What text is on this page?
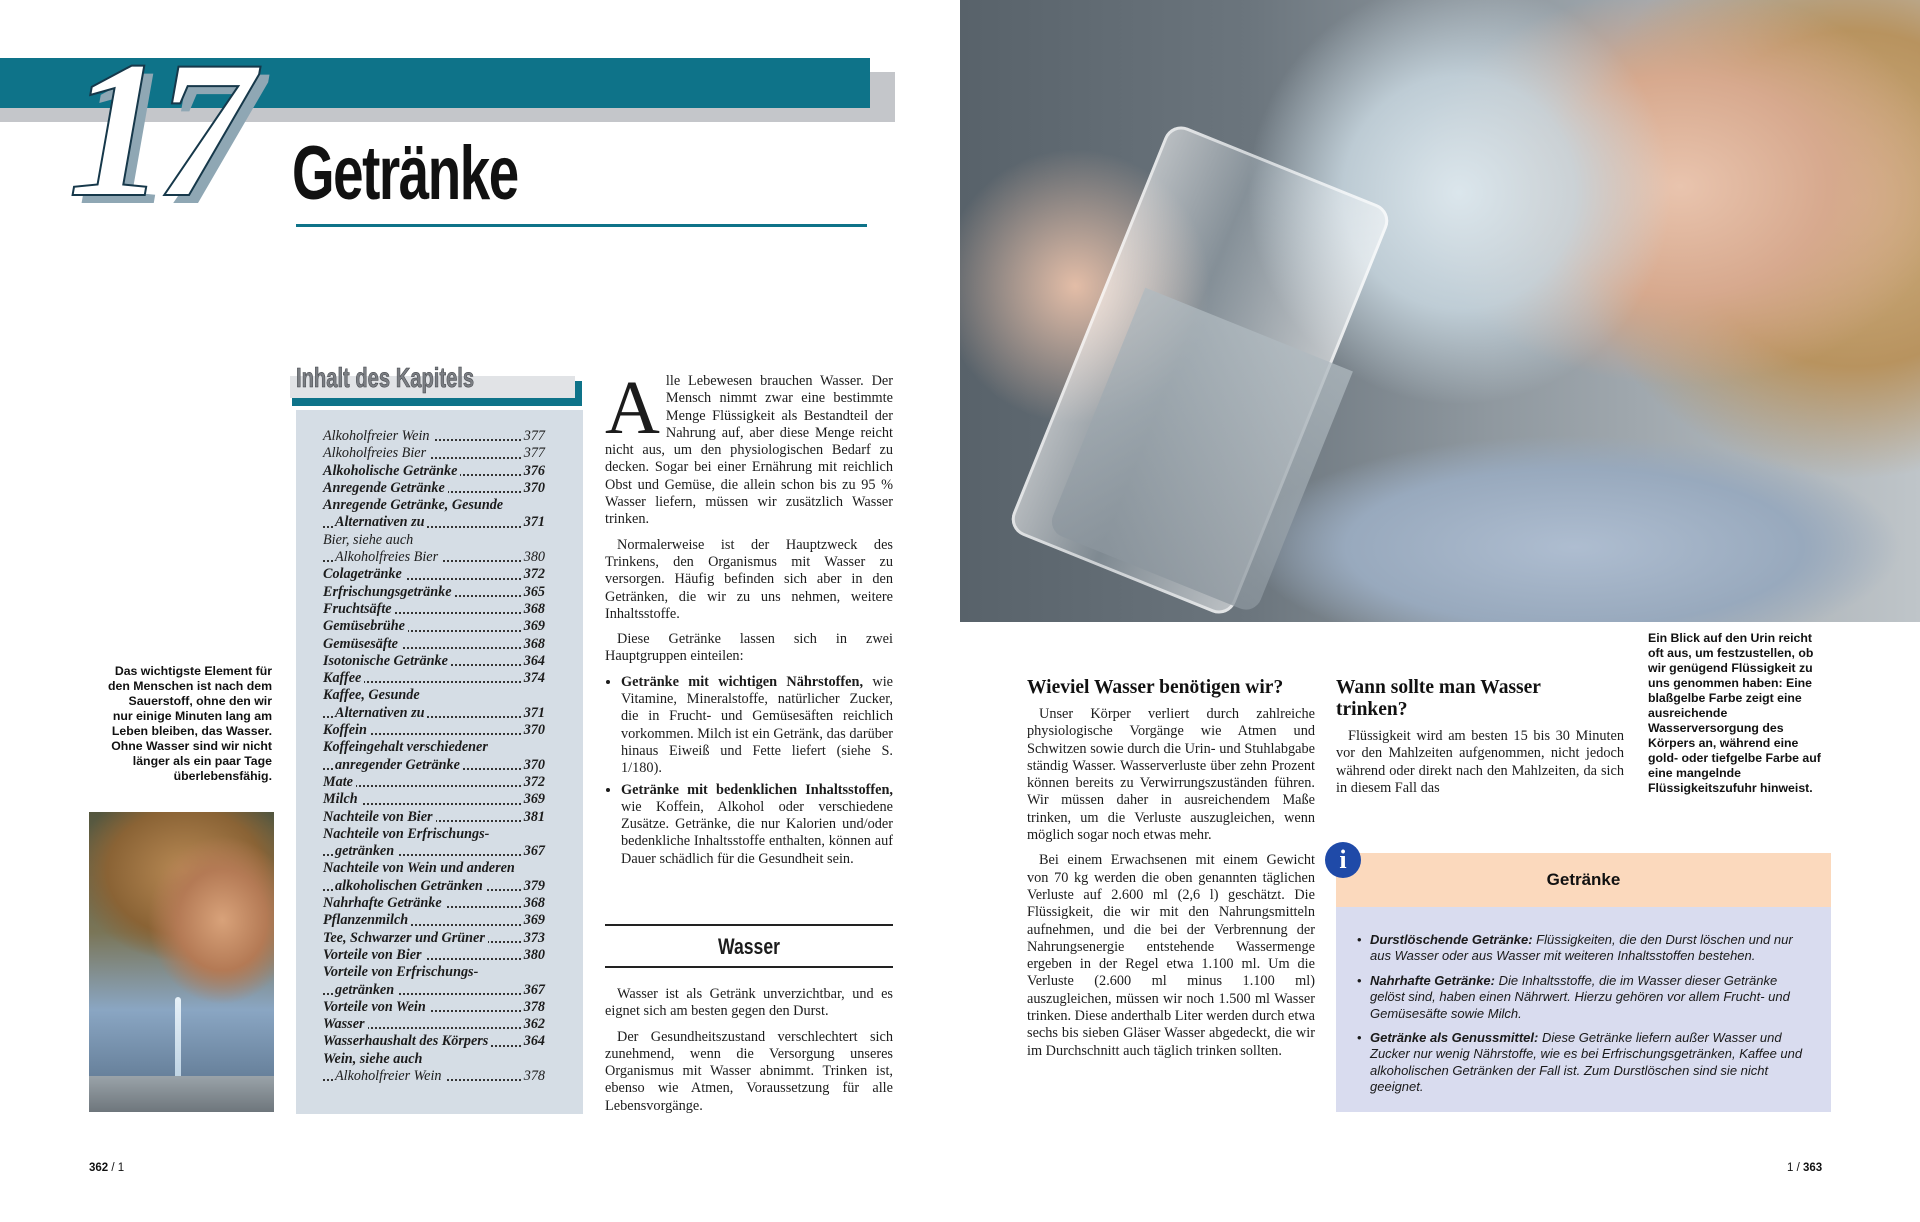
17 Getränke
Inhalt des Kapitels
Alkoholfreier Wein	377
Alkoholfreies Bier	377
Alkoholische Getränke	376
Anregende Getränke	370
Anregende Getränke, Gesunde
Alternativen zu	371
Bier, siehe auch
Alkoholfreies Bier	380
Colagetränke	372
Erfrischungsgetränke	365
Fruchtsäfte	368
Gemüsebrühe	369
Gemüsesäfte	368
Isotonische Getränke	364
Kaffee	374
Kaffee, Gesunde
Alternativen zu	371
Koffein	370
Koffeingehalt verschiedener
anregender Getränke	370
Mate	372
Milch	369
Nachteile von Bier	381
Nachteile von Erfrischungs-
getränken	367
Nachteile von Wein und anderen
alkoholischen Getränken	379
Nahrhafte Getränke	368
Pflanzenmilch	369
Tee, Schwarzer und Grüner	373
Vorteile von Bier	380
Vorteile von Erfrischungs-
getränken	367
Vorteile von Wein	378
Wasser	362
Wasserhaushalt des Körpers 364
Wein, siehe auch
Alkoholfreier Wein	378
Das wichtigste Element für den Menschen ist nach dem Sauerstoff, ohne den wir nur einige Minuten lang am Leben bleiben, das Wasser. Ohne Wasser sind wir nicht länger als ein paar Tage überlebensfähig.

Alle Lebewesen brauchen Wasser. Der Mensch nimmt zwar eine bestimmte Menge Flüssigkeit als Bestandteil der Nahrung auf, aber diese Menge reicht nicht aus, um den physiologischen Bedarf zu decken. Sogar bei einer Ernährung mit reichlich Obst und Gemüse, die allein schon bis zu 95 % Wasser liefern, müssen wir zusätzlich Wasser trinken.

Normalerweise ist der Hauptzweck des Trinkens, den Organismus mit Wasser zu versorgen. Häufig befinden sich aber in den Getränken, die wir zu uns nehmen, weitere Inhaltsstoffe.

Diese Getränke lassen sich in zwei Hauptgruppen einteilen:

• Getränke mit wichtigen Nährstoffen, wie Vitamine, Mineralstoffe, natürlicher Zucker, die in Frucht- und Gemüsesäften reichlich vorkommen. Milch ist ein Getränk, das darüber hinaus Eiweiß und Fette liefert (siehe S. 1/180).
• Getränke mit bedenklichen Inhaltsstoffen, wie Koffein, Alkohol oder verschiedene Zusätze. Getränke, die nur Kalorien und/oder bedenkliche Inhaltsstoffe enthalten, können auf Dauer schädlich für die Gesundheit sein.
Wasser

Wasser ist als Getränk unverzichtbar, und es eignet sich am besten gegen den Durst.

Der Gesundheitszustand verschlechtert sich zunehmend, wenn die Versorgung unseres Organismus mit Wasser abnimmt. Trinken ist, ebenso wie Atmen, Voraussetzung für alle Lebensvorgänge.

Ein Blick auf den Urin reicht oft aus, um festzustellen, ob wir genügend Flüssigkeit zu uns genommen haben: Eine blaßgelbe Farbe zeigt eine ausreichende Wasserversorgung des Körpers an, während eine gold- oder tiefgelbe Farbe auf eine mangelnde Flüssigkeitszufuhr hinweist.
Wieviel Wasser benötigen wir?

Unser Körper verliert durch zahlreiche physiologische Vorgänge wie Atmen und Schwitzen sowie durch die Urin- und Stuhlabgabe ständig Wasser. Wasserverluste über zehn Prozent können bereits zu Verwirrungszuständen führen. Wir müssen daher in ausreichendem Maße trinken, um die Verluste auszugleichen, wenn möglich sogar noch etwas mehr.

Bei einem Erwachsenen mit einem Gewicht von 70 kg werden die oben genannten täglichen Verluste auf 2.600 ml (2,6 l) geschätzt. Die Flüssigkeit, die wir mit den Nahrungsmitteln aufnehmen, und die bei der Verbrennung der Nahrungsenergie entstehende Wassermenge ergeben in der Regel etwa 1.100 ml. Um die Verluste (2.600 ml minus 1.100 ml) auszugleichen, müssen wir noch 1.500 ml Wasser trinken. Diese anderthalb Liter werden durch etwa sechs bis sieben Gläser Wasser abgedeckt, die wir im Durchschnitt auch täglich trinken sollten.

Wann sollte man Wasser trinken?

Flüssigkeit wird am besten 15 bis 30 Minuten vor den Mahlzeiten aufgenommen, nicht jedoch während oder direkt nach den Mahlzeiten, da sich in diesem Fall das

Getränke
i
• Durstlöschende Getränke: Flüssigkeiten, die den Durst löschen und nur aus Wasser oder aus Wasser mit weiteren Inhaltsstoffen bestehen.
• Nahrhafte Getränke: Die Inhaltsstoffe, die im Wasser dieser Getränke gelöst sind, haben einen Nährwert. Hierzu gehören vor allem Frucht- und Gemüsesäfte sowie Milch.
• Getränke als Genussmittel: Diese Getränke liefern außer Wasser und Zucker nur wenig Nährstoffe, wie es bei Erfrischungsgetränken, Kaffee und alkoholischen Getränken der Fall ist. Zum Durstlöschen sind sie nicht geeignet.
362 / 1	1 / 363
